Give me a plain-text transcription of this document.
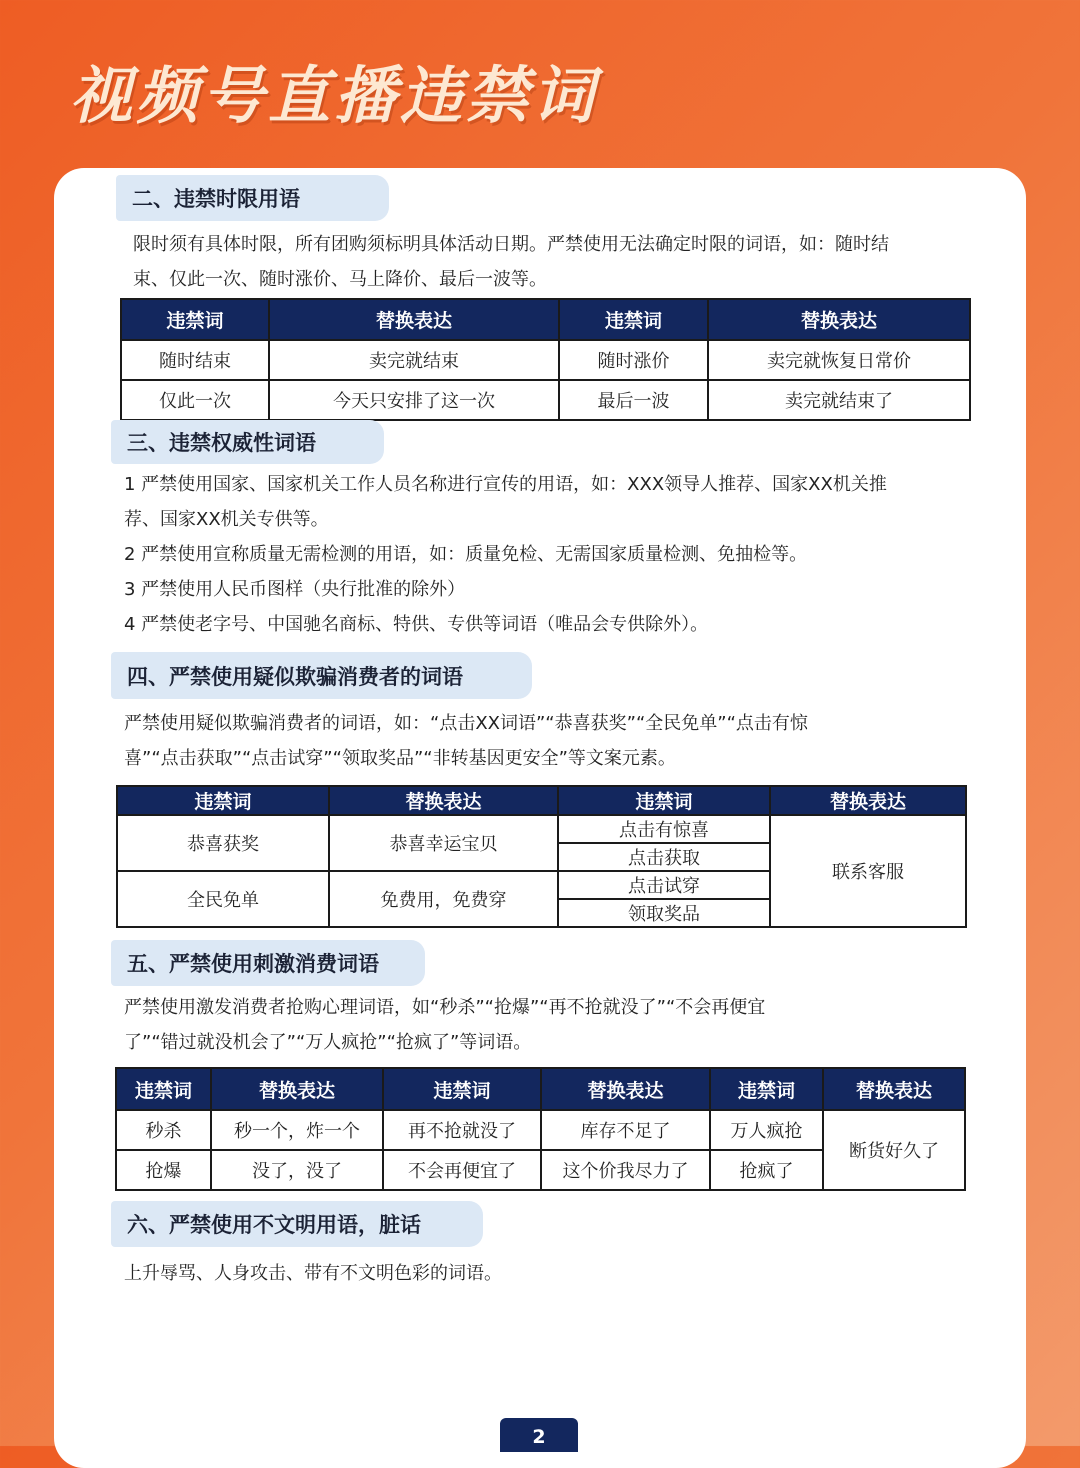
视频号直播违禁词
二、违禁时限用语

限时须有具体时限，所有团购须标明具体活动日期。严禁使用无法确定时限的词语，如：随时结
束、仅此一次、随时涨价、马上降价、最后一波等。

违禁词	替换表达	违禁词	替换表达
随时结束	卖完就结束	随时涨价	卖完就恢复日常价
仅此一次	今天只安排了这一次	最后一波	卖完就结束了
三、违禁权威性词语

1 严禁使用国家、国家机关工作人员名称进行宣传的用语，如：XXX领导人推荐、国家XX机关推
荐、国家XX机关专供等。
2 严禁使用宣称质量无需检测的用语，如：质量免检、无需国家质量检测、免抽检等。
3 严禁使用人民币图样（央行批准的除外）
4 严禁使老字号、中国驰名商标、特供、专供等词语（唯品会专供除外）。

四、严禁使用疑似欺骗消费者的词语

严禁使用疑似欺骗消费者的词语，如：“点击XX词语”“恭喜获奖”“全民免单”“点击有惊
喜”“点击获取”“点击试穿”“领取奖品”“非转基因更安全”等文案元素。

违禁词	替换表达	违禁词	替换表达
恭喜获奖	恭喜幸运宝贝	点击有惊喜	联系客服
		点击获取	
全民免单	免费用，免费穿	点击试穿	
		领取奖品	
五、严禁使用刺激消费词语

严禁使用激发消费者抢购心理词语，如“秒杀”“抢爆”“再不抢就没了”“不会再便宜
了”“错过就没机会了”“万人疯抢”“抢疯了”等词语。

违禁词	替换表达	违禁词	替换表达	违禁词	替换表达
秒杀	秒一个，炸一个	再不抢就没了	库存不足了	万人疯抢	断货好久了
抢爆	没了，没了	不会再便宜了	这个价我尽力了	抢疯了	
六、严禁使用不文明用语，脏话

上升辱骂、人身攻击、带有不文明色彩的词语。

2
